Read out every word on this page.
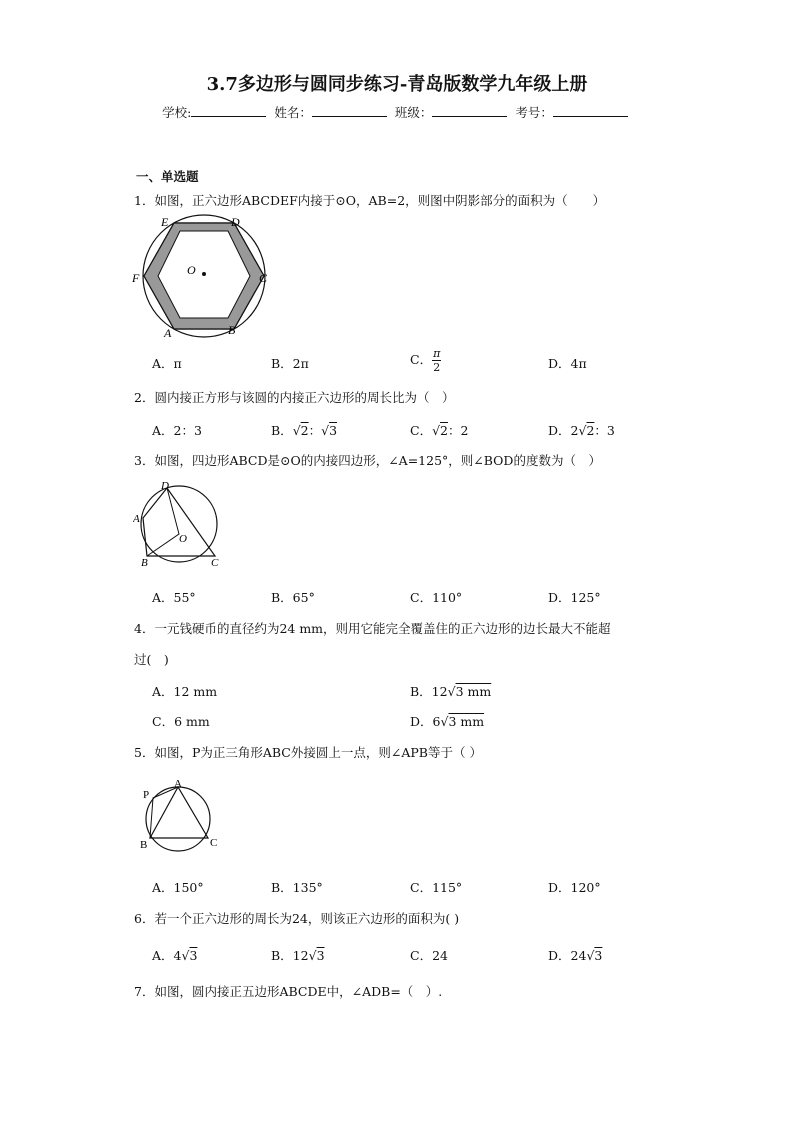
3.7多边形与圆同步练习-青岛版数学九年级上册
学校:	姓名：	班级：	考号：
一、单选题
1．如图，正六边形ABCDEF内接于⊙O，AB=2，则图中阴影部分的面积为（　　）
E	D
F	C
O
A	B
A．π	B．2π	C． $\frac{\pi}{2}$	D．4π
2．圆内接正方形与该圆的内接正六边形的周长比为（　）
A．2：3	B．√2：√3	C．√2：2	D．2√2：3
3．如图，四边形ABCD是⊙O的内接四边形，∠A=125°，则∠BOD的度数为（　）
D
A
O
B	C
A．55°	B．65°	C．110°	D．125°
4．一元钱硬币的直径约为24 mm，则用它能完全覆盖住的正六边形的边长最大不能超
过(　)
A．12 mm	B．12√3 mm
C．6 mm	D．6√3 mm
5．如图，P为正三角形ABC外接圆上一点，则∠APB等于（ ）
A
P
B	C
A．150°	B．135°	C．115°	D．120°
6．若一个正六边形的周长为24，则该正六边形的面积为( )
A．4√3	B．12√3	C．24	D．24√3
7．如图，圆内接正五边形ABCDE中，∠ADB=（　）.
